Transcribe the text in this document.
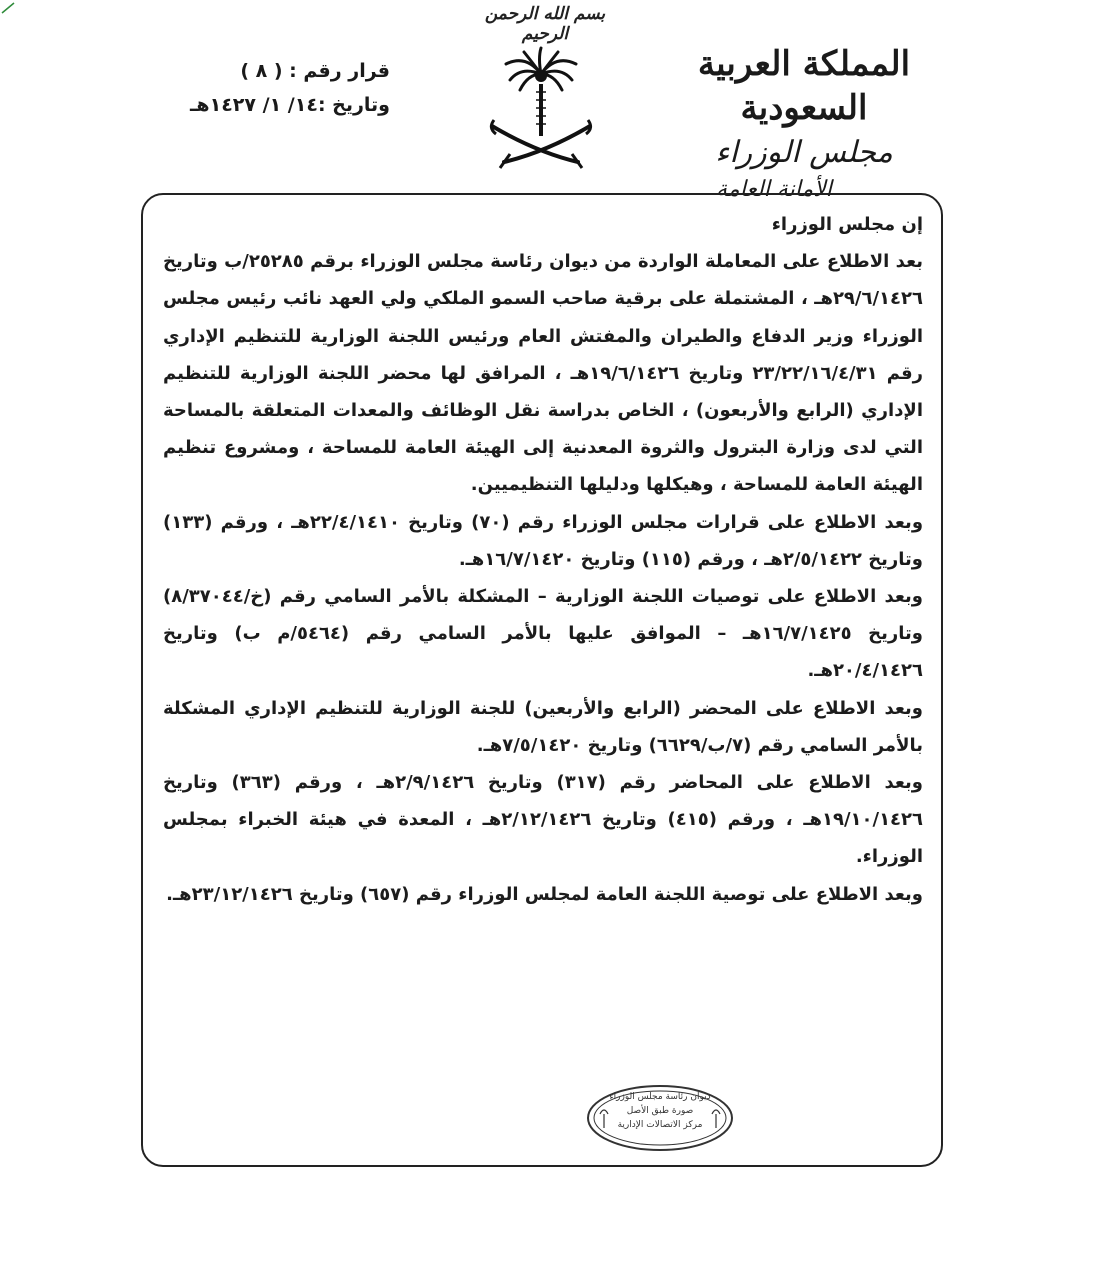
بسم الله الرحمن الرحيم
المملكة العربية السعودية
مجلس الوزراء
الأمانة العامة
قرار رقم : ( ٨ )
وتاريخ :١٤/ ١/ ١٤٢٧هـ

إن مجلس الوزراء

بعد الاطلاع على المعاملة الواردة من ديوان رئاسة مجلس الوزراء برقم ٢٥٢٨٥/ب وتاريخ ٢٩/٦/١٤٢٦هـ ، المشتملة على برقية صاحب السمو الملكي ولي العهد نائب رئيس مجلس الوزراء وزير الدفاع والطيران والمفتش العام ورئيس اللجنة الوزارية للتنظيم الإداري رقم ٢٣/٢٢/١٦/٤/٣١ وتاريخ ١٩/٦/١٤٢٦هـ ، المرافق لها محضر اللجنة الوزارية للتنظيم الإداري (الرابع والأربعون) ، الخاص بدراسة نقل الوظائف والمعدات المتعلقة بالمساحة التي لدى وزارة البترول والثروة المعدنية إلى الهيئة العامة للمساحة ، ومشروع تنظيم الهيئة العامة للمساحة ، وهيكلها ودليلها التنظيميين.

وبعد الاطلاع على قرارات مجلس الوزراء رقم (٧٠) وتاريخ ٢٢/٤/١٤١٠هـ ، ورقم (١٣٣) وتاريخ ٢/٥/١٤٢٢هـ ، ورقم (١١٥) وتاريخ ١٦/٧/١٤٢٠هـ.

وبعد الاطلاع على توصيات اللجنة الوزارية – المشكلة بالأمر السامي رقم (خ/٨/٣٧٠٤٤) وتاريخ ١٦/٧/١٤٢٥هـ – الموافق عليها بالأمر السامي رقم (٥٤٦٤/م ب) وتاريخ ٢٠/٤/١٤٢٦هـ.

وبعد الاطلاع على المحضر (الرابع والأربعين) للجنة الوزارية للتنظيم الإداري المشكلة بالأمر السامي رقم (٧/ب/٦٦٢٩) وتاريخ ٧/٥/١٤٢٠هـ.

وبعد الاطلاع على المحاضر رقم (٣١٧) وتاريخ ٢/٩/١٤٢٦هـ ، ورقم (٣٦٣) وتاريخ ١٩/١٠/١٤٢٦هـ ، ورقم (٤١٥) وتاريخ ٢/١٢/١٤٢٦هـ ، المعدة في هيئة الخبراء بمجلس الوزراء.

وبعد الاطلاع على توصية اللجنة العامة لمجلس الوزراء رقم (٦٥٧) وتاريخ ٢٣/١٢/١٤٢٦هـ.

ديوان رئاسة مجلس الوزراء
صورة طبق الأصل
مركز الاتصالات الإدارية
